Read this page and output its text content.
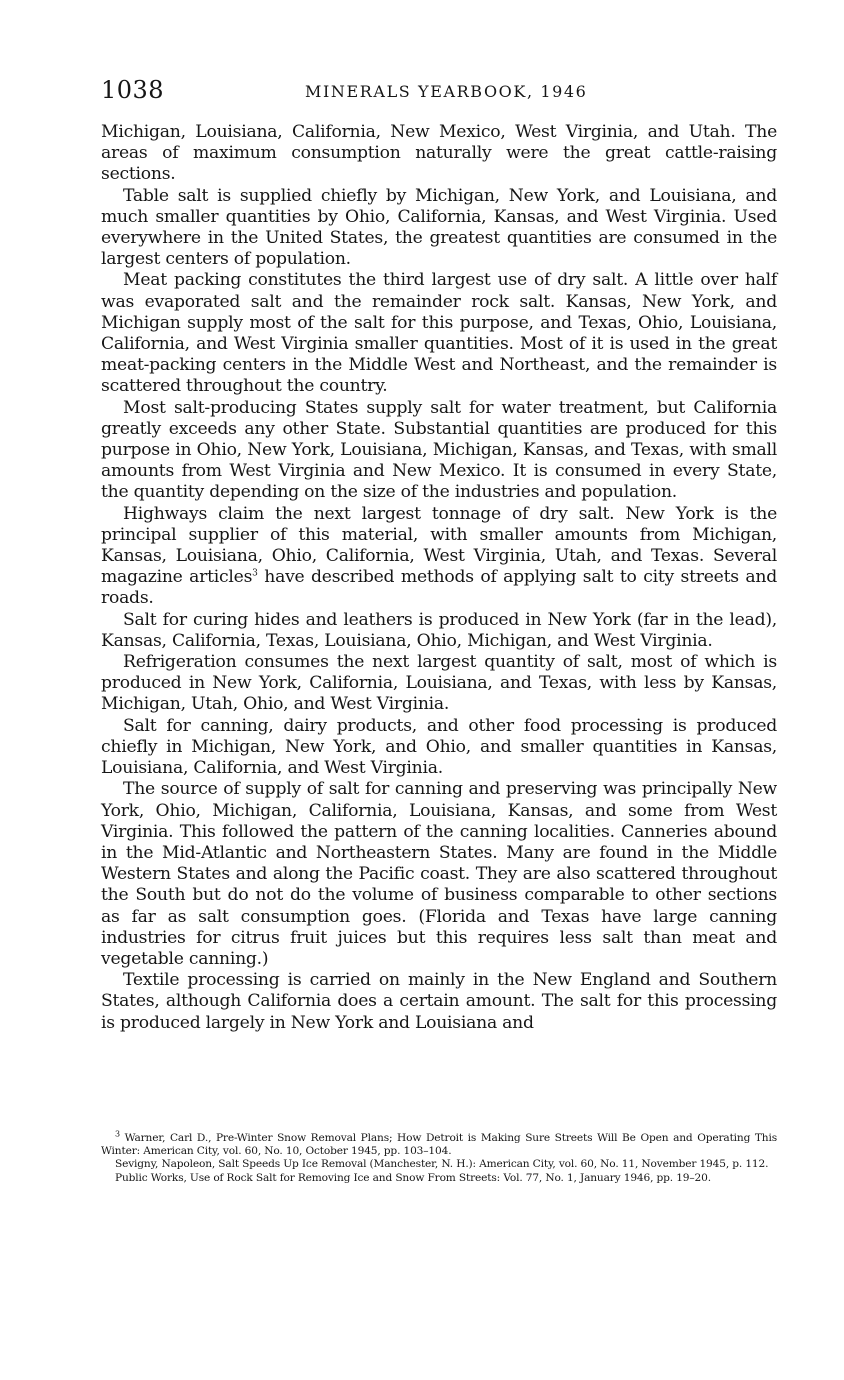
1038	MINERALS YEARBOOK, 1946

Michigan, Louisiana, California, New Mexico, West Virginia, and Utah. The areas of maximum consumption naturally were the great cattle-raising sections.

Table salt is supplied chiefly by Michigan, New York, and Louisiana, and much smaller quantities by Ohio, California, Kansas, and West Virginia. Used everywhere in the United States, the greatest quantities are consumed in the largest centers of population.

Meat packing constitutes the third largest use of dry salt. A little over half was evaporated salt and the remainder rock salt. Kansas, New York, and Michigan supply most of the salt for this purpose, and Texas, Ohio, Louisiana, California, and West Virginia smaller quantities. Most of it is used in the great meat-packing centers in the Middle West and Northeast, and the remainder is scattered throughout the country.

Most salt-producing States supply salt for water treatment, but California greatly exceeds any other State. Substantial quantities are produced for this purpose in Ohio, New York, Louisiana, Michigan, Kansas, and Texas, with small amounts from West Virginia and New Mexico. It is consumed in every State, the quantity depending on the size of the industries and population.

Highways claim the next largest tonnage of dry salt. New York is the principal supplier of this material, with smaller amounts from Michigan, Kansas, Louisiana, Ohio, California, West Virginia, Utah, and Texas. Several magazine articles$^3$ have described methods of applying salt to city streets and roads.

Salt for curing hides and leathers is produced in New York (far in the lead), Kansas, California, Texas, Louisiana, Ohio, Michigan, and West Virginia.

Refrigeration consumes the next largest quantity of salt, most of which is produced in New York, California, Louisiana, and Texas, with less by Kansas, Michigan, Utah, Ohio, and West Virginia.

Salt for canning, dairy products, and other food processing is produced chiefly in Michigan, New York, and Ohio, and smaller quantities in Kansas, Louisiana, California, and West Virginia.

The source of supply of salt for canning and preserving was principally New York, Ohio, Michigan, California, Louisiana, Kansas, and some from West Virginia. This followed the pattern of the canning localities. Canneries abound in the Mid-Atlantic and Northeastern States. Many are found in the Middle Western States and along the Pacific coast. They are also scattered throughout the South but do not do the volume of business comparable to other sections as far as salt consumption goes. (Florida and Texas have large canning industries for citrus fruit juices but this requires less salt than meat and vegetable canning.)

Textile processing is carried on mainly in the New England and Southern States, although California does a certain amount. The salt for this processing is produced largely in New York and Louisiana and

$^3$ Warner, Carl D., Pre-Winter Snow Removal Plans; How Detroit is Making Sure Streets Will Be Open and Operating This Winter: American City, vol. 60, No. 10, October 1945, pp. 103–104.

Sevigny, Napoleon, Salt Speeds Up Ice Removal (Manchester, N. H.): American City, vol. 60, No. 11, November 1945, p. 112.

Public Works, Use of Rock Salt for Removing Ice and Snow From Streets: Vol. 77, No. 1, January 1946, pp. 19–20.
